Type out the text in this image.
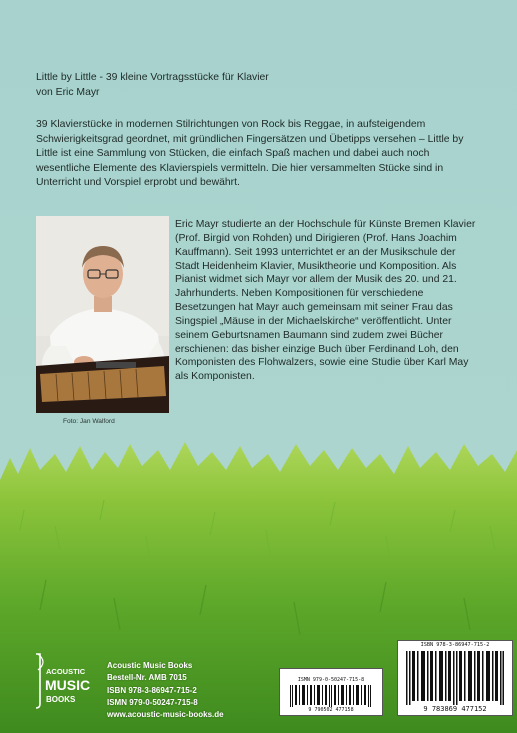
Little by Little - 39 kleine Vortragsstücke für Klavier
von Eric Mayr
39 Klavierstücke in modernen Stilrichtungen von Rock bis Reggae, in aufsteigendem Schwierigkeitsgrad geordnet, mit gründlichen Fingersätzen und Übetipps versehen – Little by Little ist eine Sammlung von Stücken, die einfach Spaß machen und dabei auch noch wesentliche Elemente des Klavierspiels vermitteln. Die hier versammelten Stücke sind in Unterricht und Vorspiel erprobt und bewährt.
Foto: Jan Walford
Eric Mayr studierte an der Hochschule für Künste Bremen Klavier (Prof. Birgid von Rohden) und Dirigieren (Prof. Hans Joachim Kauffmann). Seit 1993 unterrichtet er an der Musikschule der Stadt Heidenheim Klavier, Musiktheorie und Komposition. Als Pianist widmet sich Mayr vor allem der Musik des 20. und 21. Jahrhunderts. Neben Kompositionen für verschiedene Besetzungen hat Mayr auch gemeinsam mit seiner Frau das Singspiel „Mäuse in der Michaelskirche“ veröffentlicht. Unter seinem Geburtsnamen Baumann sind zudem zwei Bücher erschienen: das bisher einzige Buch über Ferdinand Loh, den Komponisten des Flohwalzers, sowie eine Studie über Karl May als Komponisten.
ACOUSTIC
MUSIC
BOOKS
Acoustic Music Books
Bestell-Nr. AMB 7015
ISBN 978-3-86947-715-2
ISMN 979-0-50247-715-8
www.acoustic-music-books.de
ISMN 979-0-50247-715-8
9 790502 477158
ISBN 978-3-86947-715-2
9 783869 477152
